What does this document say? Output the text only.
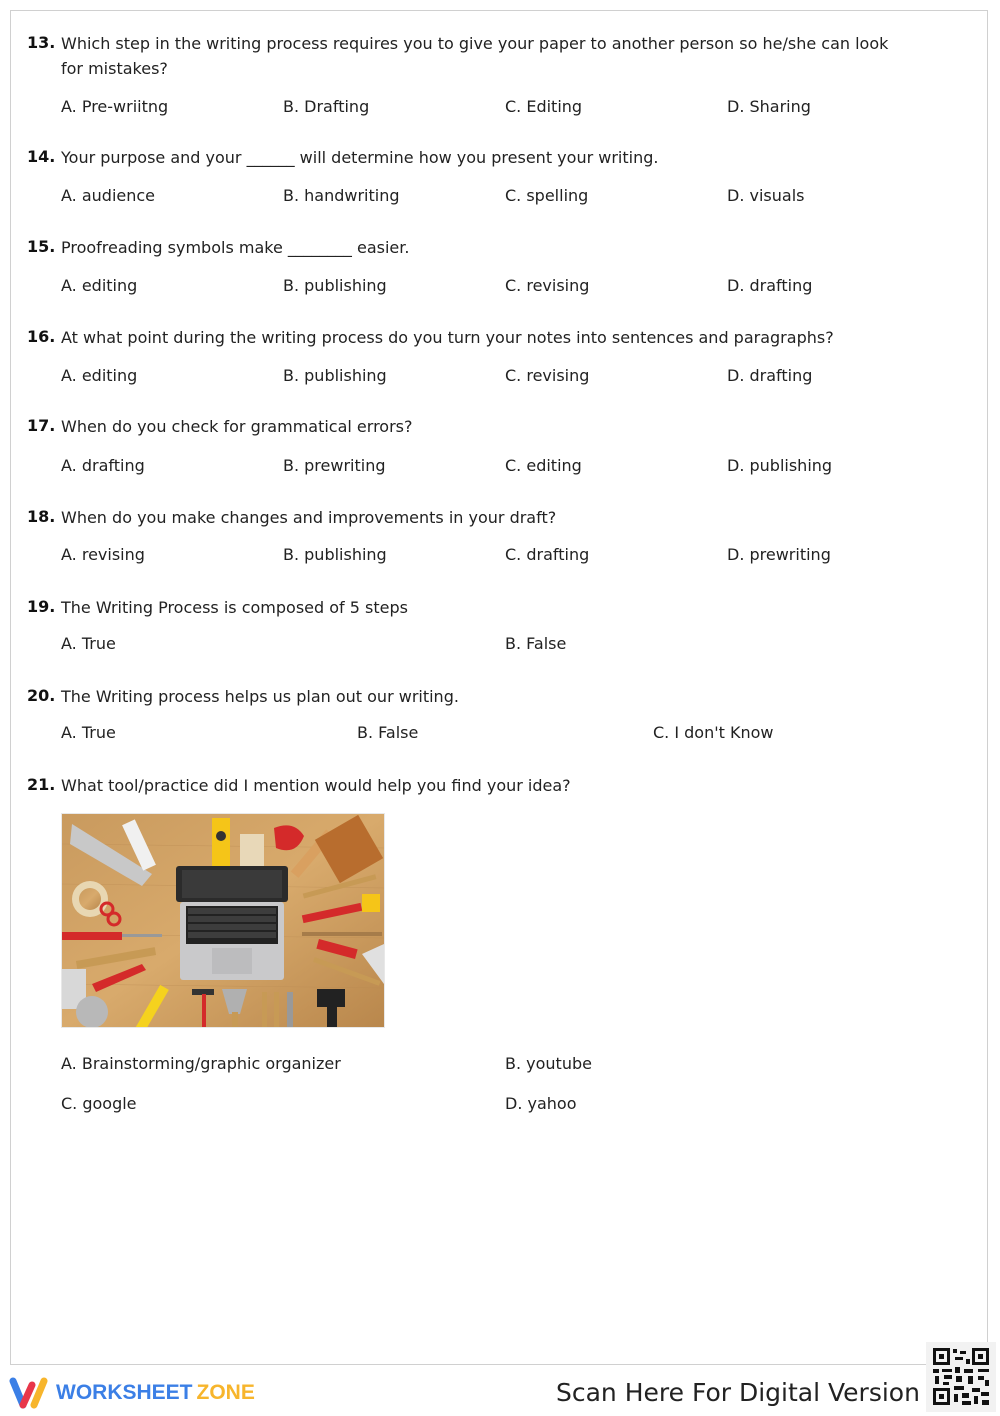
13. Which step in the writing process requires you to give your paper to another person so he/she can look for mistakes?
A. Pre-wriitng	B. Drafting	C. Editing	D. Sharing
14. Your purpose and your ______ will determine how you present your writing.
A. audience	B. handwriting	C. spelling	D. visuals
15. Proofreading symbols make ________ easier.
A. editing	B. publishing	C. revising	D. drafting
16. At what point during the writing process do you turn your notes into sentences and paragraphs?
A. editing	B. publishing	C. revising	D. drafting
17. When do you check for grammatical errors?
A. drafting	B. prewriting	C. editing	D. publishing
18. When do you make changes and improvements in your draft?
A. revising	B. publishing	C. drafting	D. prewriting
19. The Writing Process is composed of 5 steps
A. True	B. False
20. The Writing process helps us plan out our writing.
A. True	B. False	C. I don't Know
21. What tool/practice did I mention would help you find your idea?
A. Brainstorming/graphic organizer	B. youtube
C. google	D. yahoo
WORKSHEET ZONE	Scan Here For Digital Version
